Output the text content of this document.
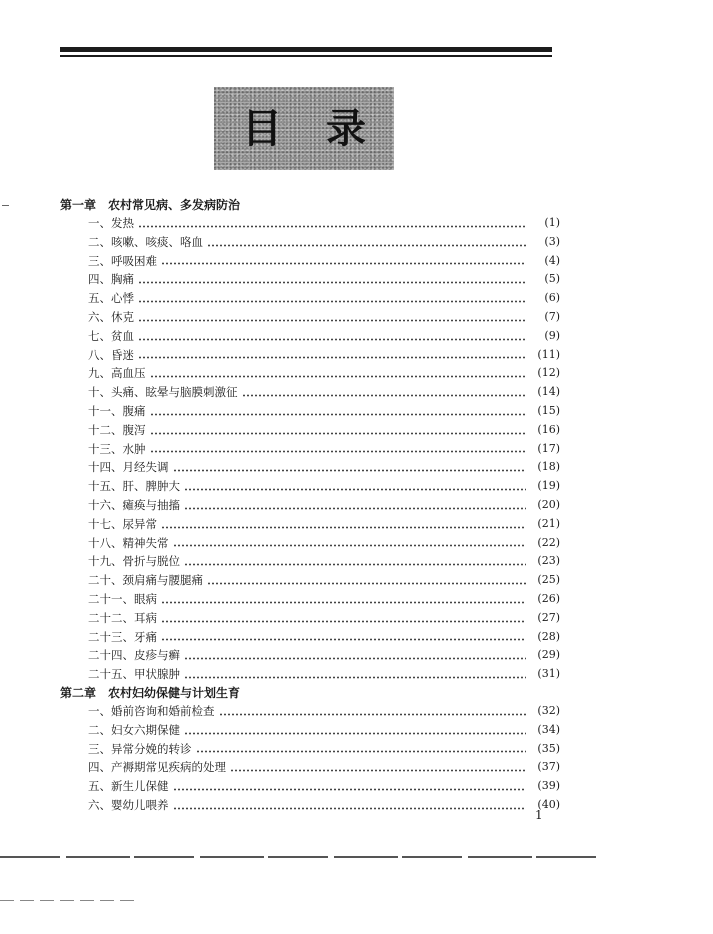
目 录
第一章 农村常见病、多发病防治
一、发热	(1)
二、咳嗽、咳痰、咯血	(3)
三、呼吸困难	(4)
四、胸痛	(5)
五、心悸	(6)
六、休克	(7)
七、贫血	(9)
八、昏迷	(11)
九、高血压	(12)
十、头痛、眩晕与脑膜刺激征	(14)
十一、腹痛	(15)
十二、腹泻	(16)
十三、水肿	(17)
十四、月经失调	(18)
十五、肝、脾肿大	(19)
十六、瘫痪与抽搐	(20)
十七、尿异常	(21)
十八、精神失常	(22)
十九、骨折与脱位	(23)
二十、颈肩痛与腰腿痛	(25)
二十一、眼病	(26)
二十二、耳病	(27)
二十三、牙痛	(28)
二十四、皮疹与癣	(29)
二十五、甲状腺肿	(31)
第二章 农村妇幼保健与计划生育
一、婚前咨询和婚前检查	(32)
二、妇女六期保健	(34)
三、异常分娩的转诊	(35)
四、产褥期常见疾病的处理	(37)
五、新生儿保健	(39)
六、婴幼儿喂养	(40)
1
